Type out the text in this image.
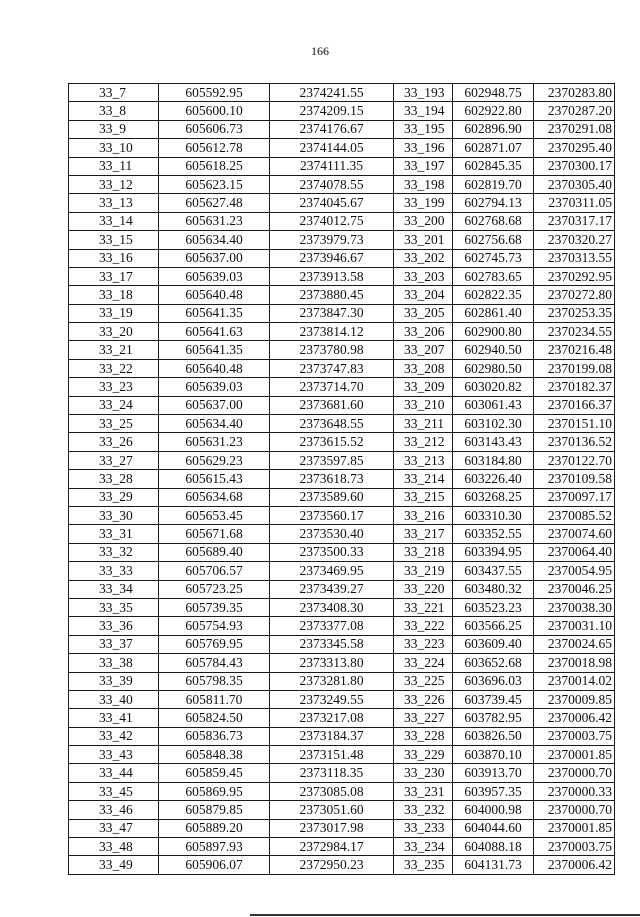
166
33_7	605592.95	2374241.55	33_193	602948.75	2370283.80
33_8	605600.10	2374209.15	33_194	602922.80	2370287.20
33_9	605606.73	2374176.67	33_195	602896.90	2370291.08
33_10	605612.78	2374144.05	33_196	602871.07	2370295.40
33_11	605618.25	2374111.35	33_197	602845.35	2370300.17
33_12	605623.15	2374078.55	33_198	602819.70	2370305.40
33_13	605627.48	2374045.67	33_199	602794.13	2370311.05
33_14	605631.23	2374012.75	33_200	602768.68	2370317.17
33_15	605634.40	2373979.73	33_201	602756.68	2370320.27
33_16	605637.00	2373946.67	33_202	602745.73	2370313.55
33_17	605639.03	2373913.58	33_203	602783.65	2370292.95
33_18	605640.48	2373880.45	33_204	602822.35	2370272.80
33_19	605641.35	2373847.30	33_205	602861.40	2370253.35
33_20	605641.63	2373814.12	33_206	602900.80	2370234.55
33_21	605641.35	2373780.98	33_207	602940.50	2370216.48
33_22	605640.48	2373747.83	33_208	602980.50	2370199.08
33_23	605639.03	2373714.70	33_209	603020.82	2370182.37
33_24	605637.00	2373681.60	33_210	603061.43	2370166.37
33_25	605634.40	2373648.55	33_211	603102.30	2370151.10
33_26	605631.23	2373615.52	33_212	603143.43	2370136.52
33_27	605629.23	2373597.85	33_213	603184.80	2370122.70
33_28	605615.43	2373618.73	33_214	603226.40	2370109.58
33_29	605634.68	2373589.60	33_215	603268.25	2370097.17
33_30	605653.45	2373560.17	33_216	603310.30	2370085.52
33_31	605671.68	2373530.40	33_217	603352.55	2370074.60
33_32	605689.40	2373500.33	33_218	603394.95	2370064.40
33_33	605706.57	2373469.95	33_219	603437.55	2370054.95
33_34	605723.25	2373439.27	33_220	603480.32	2370046.25
33_35	605739.35	2373408.30	33_221	603523.23	2370038.30
33_36	605754.93	2373377.08	33_222	603566.25	2370031.10
33_37	605769.95	2373345.58	33_223	603609.40	2370024.65
33_38	605784.43	2373313.80	33_224	603652.68	2370018.98
33_39	605798.35	2373281.80	33_225	603696.03	2370014.02
33_40	605811.70	2373249.55	33_226	603739.45	2370009.85
33_41	605824.50	2373217.08	33_227	603782.95	2370006.42
33_42	605836.73	2373184.37	33_228	603826.50	2370003.75
33_43	605848.38	2373151.48	33_229	603870.10	2370001.85
33_44	605859.45	2373118.35	33_230	603913.70	2370000.70
33_45	605869.95	2373085.08	33_231	603957.35	2370000.33
33_46	605879.85	2373051.60	33_232	604000.98	2370000.70
33_47	605889.20	2373017.98	33_233	604044.60	2370001.85
33_48	605897.93	2372984.17	33_234	604088.18	2370003.75
33_49	605906.07	2372950.23	33_235	604131.73	2370006.42
